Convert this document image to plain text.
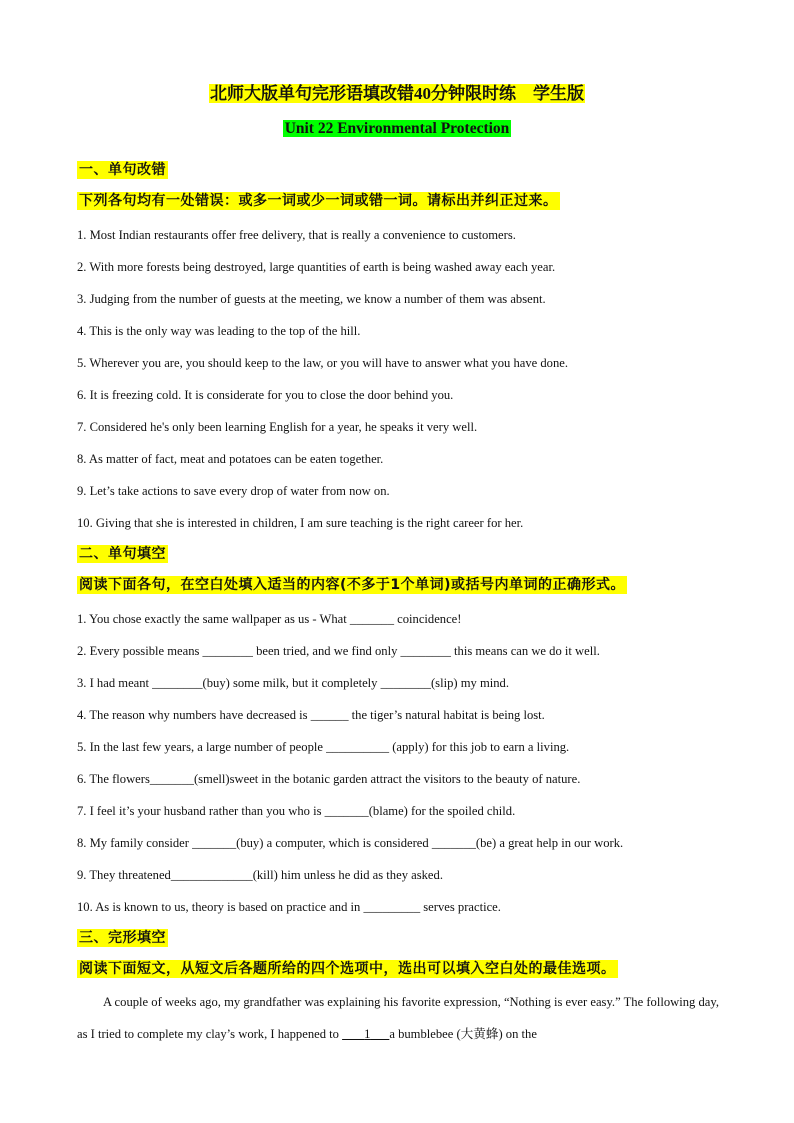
北师大版单句完形语填改错40分钟限时练　学生版
Unit 22 Environmental Protection
一、单句改错
下列各句均有一处错误：或多一词或少一词或错一词。请标出并纠正过来。
1. Most Indian restaurants offer free delivery, that is really a convenience to customers.
2. With more forests being destroyed, large quantities of earth is being washed away each year.
3. Judging from the number of guests at the meeting, we know a number of them was absent.
4. This is the only way was leading to the top of the hill.
5. Wherever you are, you should keep to the law, or you will have to answer what you have done.
6. It is freezing cold. It is considerate for you to close the door behind you.
7. Considered he's only been learning English for a year, he speaks it very well.
8. As matter of fact, meat and potatoes can be eaten together.
9. Let’s take actions to save every drop of water from now on.
10. Giving that she is interested in children, I am sure teaching is the right career for her.
二、单句填空
阅读下面各句，在空白处填入适当的内容(不多于1个单词)或括号内单词的正确形式。
1. You chose exactly the same wallpaper as us - What _______ coincidence!
2. Every possible means ________ been tried, and we find only ________ this means can we do it well.
3. I had meant ________(buy) some milk, but it completely ________(slip) my mind.
4. The reason why numbers have decreased is ______ the tiger’s natural habitat is being lost.
5. In the last few years, a large number of people __________ (apply) for this job to earn a living.
6. The flowers_______(smell)sweet in the botanic garden attract the visitors to the beauty of nature.
7. I feel it’s your husband rather than you who is _______(blame) for the spoiled child.
8. My family consider _______(buy) a computer, which is considered _______(be) a great help in our work.
9. They threatened_____________(kill) him unless he did as they asked.
10. As is known to us, theory is based on practice and in _________ serves practice.
三、完形填空
阅读下面短文，从短文后各题所给的四个选项中，选出可以填入空白处的最佳选项。
A couple of weeks ago, my grandfather was explaining his favorite expression, “Nothing is ever easy.” The following day, as I tried to complete my clay’s work, I happened to        1 a bumblebee (大黄蜂) on the
